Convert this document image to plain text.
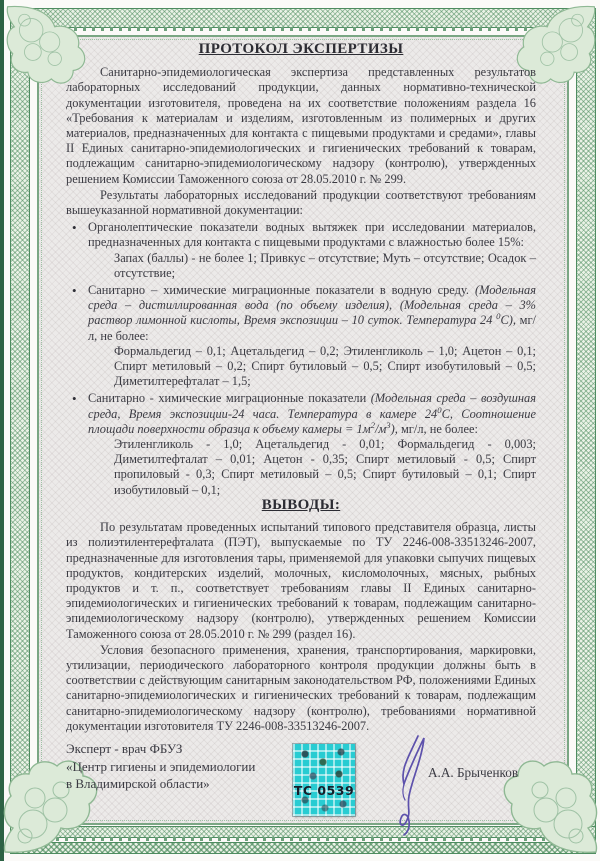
ПРОТОКОЛ ЭКСПЕРТИЗЫ

Санитарно-эпидемиологическая экспертиза представленных результатов лабораторных исследований продукции, данных нормативно-технической документации изготовителя, проведена на их соответствие положениям раздела 16 «Требования к материалам и изделиям, изготовленным из полимерных и других материалов, предназначенных для контакта с пищевыми продуктами и средами», главы II Единых санитарно-эпидемиологических и гигиенических требований к товарам, подлежащим санитарно-эпидемиологическому надзору (контролю), утвержденных решением Комиссии Таможенного союза от 28.05.2010 г. № 299.

Результаты лабораторных исследований продукции соответствуют требованиям вышеуказанной нормативной документации:

• Органолептические показатели водных вытяжек при исследовании материалов, предназначенных для контакта с пищевыми продуктами с влажностью более 15%:
Запах (баллы) - не более 1; Привкус – отсутствие; Муть – отсутствие; Осадок – отсутствие;
• Санитарно – химические миграционные показатели в водную среду. (Модельная среда – дистиллированная вода (по объему изделия), (Модельная среда – 3% раствор лимонной кислоты, Время экспозиции – 10 суток. Температура 24 $^0$С), мг/л, не более:
Формальдегид – 0,1; Ацетальдегид – 0,2; Этиленгликоль – 1,0; Ацетон – 0,1; Спирт метиловый – 0,2; Спирт бутиловый – 0,5; Спирт изобутиловый – 0,5; Диметилтерефталат – 1,5;
• Санитарно - химические миграционные показатели (Модельная среда – воздушная среда, Время экспозиции-24 часа. Температура в камере $24^0С$, Соотношение площади поверхности образца к объему камеры = $1м^2/м^3$), мг/л, не более:
Этиленгликоль - 1,0; Ацетальдегид - 0,01; Формальдегид - 0,003; Диметилтефталат – 0,01; Ацетон - 0,35; Спирт метиловый - 0,5; Спирт пропиловый - 0,3; Спирт метиловый – 0,5; Спирт бутиловый – 0,1; Спирт изобутиловый – 0,1;
ВЫВОДЫ:

По результатам проведенных испытаний типового представителя образца, листы из полиэтилентерефталата (ПЭТ), выпускаемые по ТУ 2246-008-33513246-2007, предназначенные для изготовления тары, применяемой для упаковки сыпучих пищевых продуктов, кондитерских изделий, молочных, кисломолочных, мясных, рыбных продуктов и т. п., соответствует требованиям главы II Единых санитарно-эпидемиологических и гигиенических требований к товарам, подлежащим санитарно-эпидемиологическому надзору (контролю), утвержденных решением Комиссии Таможенного союза от 28.05.2010 г. № 299 (раздел 16).

Условия безопасного применения, хранения, транспортирования, маркировки, утилизации, периодического лабораторного контроля продукции должны быть в соответствии с действующим санитарным законодательством РФ, положениями Единых санитарно-эпидемиологических и гигиенических требований к товарам, подлежащим санитарно-эпидемиологическому надзору (контролю), требованиями нормативной документации изготовителя ТУ 2246-008-33513246-2007.

Эксперт - врач ФБУЗ
«Центр гигиены и эпидемиологии
в Владимирской области»	ТС 0539
А.А. Брыченков
